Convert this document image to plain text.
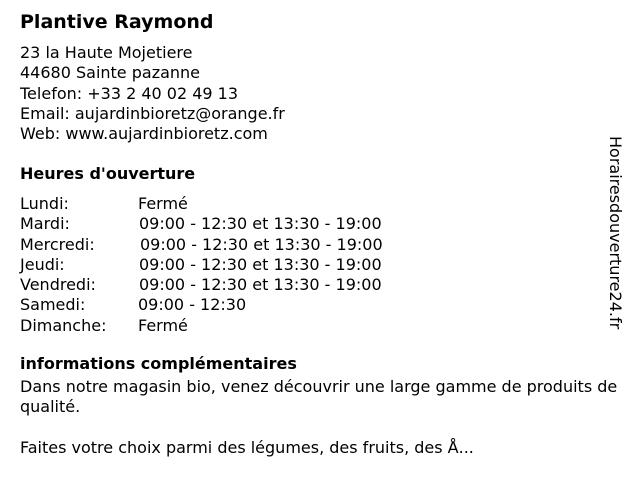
Plantive Raymond
23 la Haute Mojetiere
44680 Sainte pazanne
Telefon: +33 2 40 02 49 13
Email: aujardinbioretz@orange.fr
Web: www.aujardinbioretz.com
Heures d'ouverture
Lundi:	Fermé
Mardi:	09:00 - 12:30 et 13:30 - 19:00
Mercredi:	09:00 - 12:30 et 13:30 - 19:00
Jeudi:	09:00 - 12:30 et 13:30 - 19:00
Vendredi:	09:00 - 12:30 et 13:30 - 19:00
Samedi:	09:00 - 12:30
Dimanche: Fermé
informations complémentaires

Dans notre magasin bio, venez découvrir une large gamme de produits de qualité.

Faites votre choix parmi des légumes, des fruits, des Å...

Horairesdouverture24.fr
